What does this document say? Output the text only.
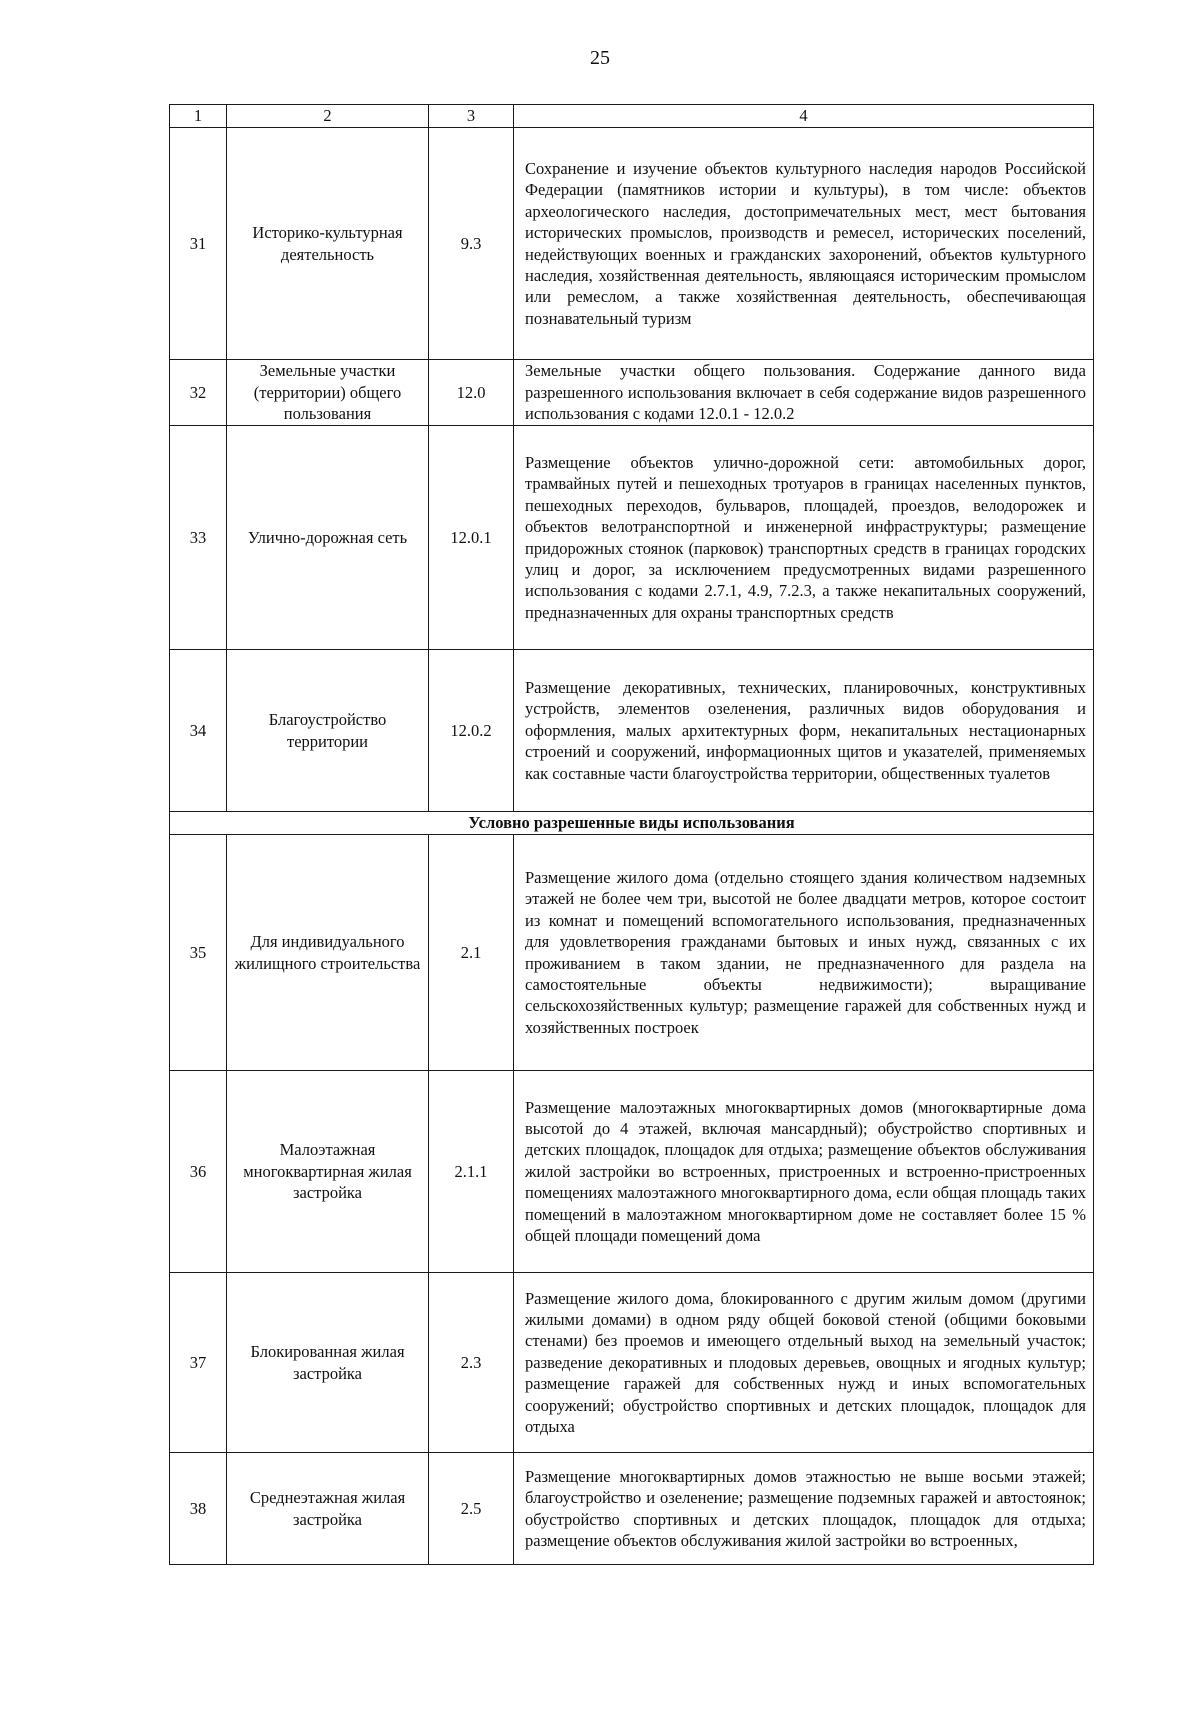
25
1	2	3	4
31	Историко-культурная деятельность	9.3	Сохранение и изучение объектов культурного наследия народов Российской Федерации (памятников истории и культуры), в том числе: объектов археологического наследия, достопримечательных мест, мест бытования исторических промыслов, производств и ремесел, исторических поселений, недействующих военных и гражданских захоронений, объектов культурного наследия, хозяйственная деятельность, являющаяся историческим промыслом или ремеслом, а также хозяйственная деятельность, обеспечивающая познавательный туризм
32	Земельные участки (территории) общего пользования	12.0	Земельные участки общего пользования. Содержание данного вида разрешенного использования включает в себя содержание видов разрешенного использования с кодами 12.0.1 - 12.0.2
33	Улично-дорожная сеть	12.0.1	Размещение объектов улично-дорожной сети: автомобильных дорог, трамвайных путей и пешеходных тротуаров в границах населенных пунктов, пешеходных переходов, бульваров, площадей, проездов, велодорожек и объектов велотранспортной и инженерной инфраструктуры; размещение придорожных стоянок (парковок) транспортных средств в границах городских улиц и дорог, за исключением предусмотренных видами разрешенного использования с кодами 2.7.1, 4.9, 7.2.3, а также некапитальных сооружений, предназначенных для охраны транспортных средств
34	Благоустройство территории	12.0.2	Размещение декоративных, технических, планировочных, конструктивных устройств, элементов озеленения, различных видов оборудования и оформления, малых архитектурных форм, некапитальных нестационарных строений и сооружений, информационных щитов и указателей, применяемых как составные части благоустройства территории, общественных туалетов
Условно разрешенные виды использования			
35	Для индивидуального жилищного строительства	2.1	Размещение жилого дома (отдельно стоящего здания количеством надземных этажей не более чем три, высотой не более двадцати метров, которое состоит из комнат и помещений вспомогательного использования, предназначенных для удовлетворения гражданами бытовых и иных нужд, связанных с их проживанием в таком здании, не предназначенного для раздела на самостоятельные объекты недвижимости); выращивание сельскохозяйственных культур; размещение гаражей для собственных нужд и хозяйственных построек
36	Малоэтажная многоквартирная жилая застройка	2.1.1	Размещение малоэтажных многоквартирных домов (многоквартирные дома высотой до 4 этажей, включая мансардный); обустройство спортивных и детских площадок, площадок для отдыха; размещение объектов обслуживания жилой застройки во встроенных, пристроенных и встроенно-пристроенных помещениях малоэтажного многоквартирного дома, если общая площадь таких помещений в малоэтажном многоквартирном доме не составляет более 15 % общей площади помещений дома
37	Блокированная жилая застройка	2.3	Размещение жилого дома, блокированного с другим жилым домом (другими жилыми домами) в одном ряду общей боковой стеной (общими боковыми стенами) без проемов и имеющего отдельный выход на земельный участок; разведение декоративных и плодовых деревьев, овощных и ягодных культур; размещение гаражей для собственных нужд и иных вспомогательных сооружений; обустройство спортивных и детских площадок, площадок для отдыха
38	Среднеэтажная жилая застройка	2.5	Размещение многоквартирных домов этажностью не выше восьми этажей; благоустройство и озеленение; размещение подземных гаражей и автостоянок; обустройство спортивных и детских площадок, площадок для отдыха; размещение объектов обслуживания жилой застройки во встроенных,
